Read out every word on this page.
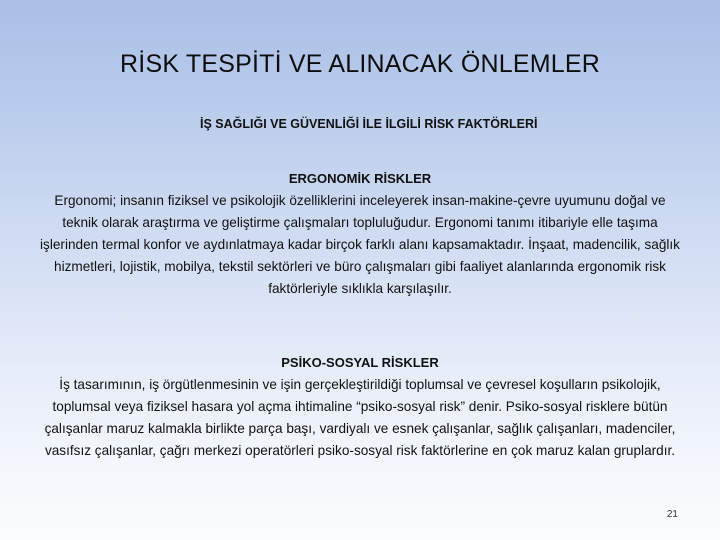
RİSK TESPİTİ VE ALINACAK ÖNLEMLER
İŞ SAĞLIĞI VE GÜVENLİĞİ İLE İLGİLİ RİSK FAKTÖRLERİ
ERGONOMİK RİSKLER
Ergonomi; insanın fiziksel ve psikolojik özelliklerini inceleyerek insan-makine-çevre uyumunu doğal ve teknik olarak araştırma ve geliştirme çalışmaları topluluğudur. Ergonomi tanımı itibariyle elle taşıma işlerinden termal konfor ve aydınlatmaya kadar birçok farklı alanı kapsamaktadır. İnşaat, madencilik, sağlık hizmetleri, lojistik, mobilya, tekstil sektörleri ve büro çalışmaları gibi faaliyet alanlarında ergonomik risk faktörleriyle sıklıkla karşılaşılır.
PSİKO-SOSYAL RİSKLER
İş tasarımının, iş örgütlenmesinin ve işin gerçekleştirildiği toplumsal ve çevresel koşulların psikolojik, toplumsal veya fiziksel hasara yol açma ihtimaline “psiko-sosyal risk” denir. Psiko-sosyal risklere bütün çalışanlar maruz kalmakla birlikte parça başı, vardiyalı ve esnek çalışanlar, sağlık çalışanları, madenciler, vasıfsız çalışanlar, çağrı merkezi operatörleri psiko-sosyal risk faktörlerine en çok maruz kalan gruplardır.
21
